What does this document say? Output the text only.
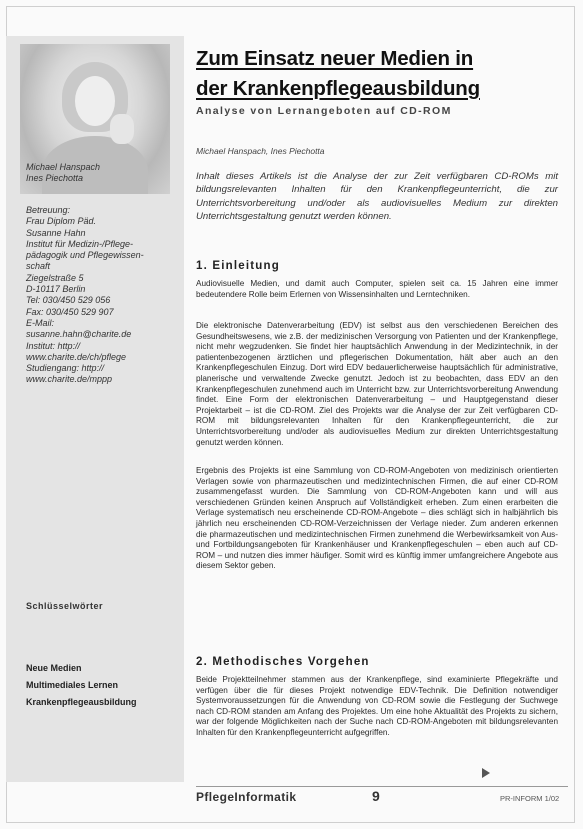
Michael Hanspach
Ines Piechotta
Betreuung:
Frau Diplom Päd.
Susanne Hahn
Institut für Medizin-/Pflege-
pädagogik und Pflegewissen-
schaft
Ziegelstraße 5
D-10117 Berlin
Tel: 030/450 529 056
Fax: 030/450 529 907
E-Mail:
susanne.hahn@charite.de
Institut: http://
www.charite.de/ch/pflege
Studiengang: http://
www.charite.de/mppp
Schlüsselwörter
Neue Medien
Multimediales Lernen
Krankenpflegeausbildung
Zum Einsatz neuer Medien in
der Krankenpflegeausbildung
Analyse von Lernangeboten auf CD-ROM
Michael Hanspach, Ines Piechotta
Inhalt dieses Artikels ist die Analyse der zur Zeit verfügbaren CD-ROMs mit bildungsrelevanten Inhalten für den Krankenpflegeunterricht, die zur Unterrichtsvorbereitung und/oder als audiovisuelles Medium zur direkten Unterrichtsgestaltung genutzt werden können.
1. Einleitung
Audiovisuelle Medien, und damit auch Computer, spielen seit ca. 15 Jahren eine immer bedeutendere Rolle beim Erlernen von Wissensinhalten und Lerntechniken.
Die elektronische Datenverarbeitung (EDV) ist selbst aus den verschiedenen Bereichen des Gesundheitswesens, wie z.B. der medizinischen Versorgung von Patienten und der Krankenpflege, nicht mehr wegzudenken. Sie findet hier hauptsächlich Anwendung in der Medizintechnik, in der patientenbezogenen ärztlichen und pflegerischen Dokumentation, hält aber auch an den Krankenpflegeschulen Einzug. Dort wird EDV bedauerlicherweise hauptsächlich für administrative, planerische und verwaltende Zwecke genutzt. Jedoch ist zu beobachten, dass EDV an den Krankenpflegeschulen zunehmend auch im Unterricht bzw. zur Unterrichtsvorbereitung Anwendung findet. Eine Form der elektronischen Datenverarbeitung – und Hauptgegenstand dieser Projektarbeit – ist die CD-ROM. Ziel des Projekts war die Analyse der zur Zeit verfügbaren CD-ROM mit bildungsrelevanten Inhalten für den Krankenpflegeunterricht, die zur Unterrichtsvorbereitung und/oder als audiovisuelles Medium zur direkten Unterrichtsgestaltung genutzt werden können.
Ergebnis des Projekts ist eine Sammlung von CD-ROM-Angeboten von medizinisch orientierten Verlagen sowie von pharmazeutischen und medizintechnischen Firmen, die auf einer CD-ROM zusammengefasst wurden. Die Sammlung von CD-ROM-Angeboten kann und will aus verschiedenen Gründen keinen Anspruch auf Vollständigkeit erheben. Zum einen erarbeiten die Verlage systematisch neu erscheinende CD-ROM-Angebote – dies schlägt sich in halbjährlich bis jährlich neu erscheinenden CD-ROM-Verzeichnissen der Verlage nieder. Zum anderen erkennen die pharmazeutischen und medizintechnischen Firmen zunehmend die Werbewirksamkeit von Aus- und Fortbildungsangeboten für Krankenhäuser und Krankenpflegeschulen – eben auch auf CD-ROM – und nutzen dies immer häufiger. Somit wird es künftig immer umfangreichere Angebote aus diesem Sektor geben.
2. Methodisches Vorgehen
Beide Projektteilnehmer stammen aus der Krankenpflege, sind examinierte Pflegekräfte und verfügen über die für dieses Projekt notwendige EDV-Technik. Die Definition notwendiger Systemvoraussetzungen für die Anwendung von CD-ROM sowie die Festlegung der Suchwege nach CD-ROM standen am Anfang des Projektes. Um eine hohe Aktualität des Projekts zu sichern, war der folgende Möglichkeiten nach der Suche nach CD-ROM-Angeboten mit bildungsrelevanten Inhalten für den Krankenpflegeunterricht aufgegriffen.
PflegeInformatik	9	PR-INFORM 1/02
